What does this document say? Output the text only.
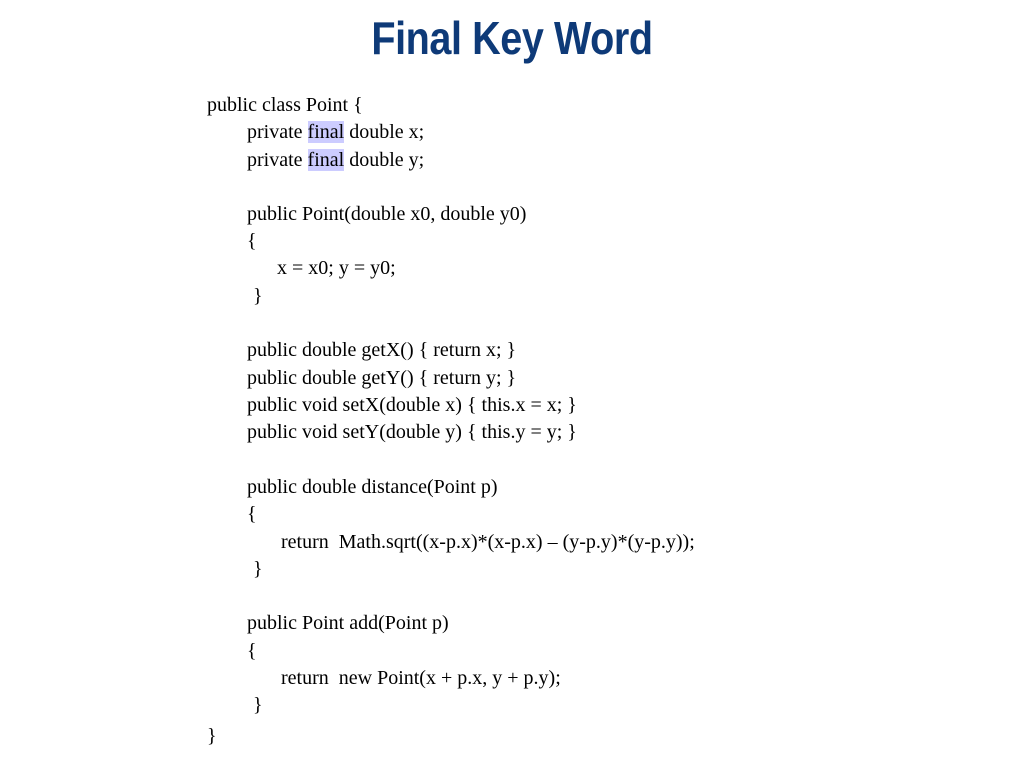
Final Key Word
public class Point {
private final double x;
private final double y;
public Point(double x0, double y0)
{
x = x0; y = y0;
}
public double getX() { return x; }
public double getY() { return y; }
public void setX(double x) { this.x = x; }
public void setY(double y) { this.y = y; }
public double distance(Point p)
{
return  Math.sqrt((x-p.x)*(x-p.x) – (y-p.y)*(y-p.y));
}
public Point add(Point p)
{
return  new Point(x + p.x, y + p.y);
}
}
